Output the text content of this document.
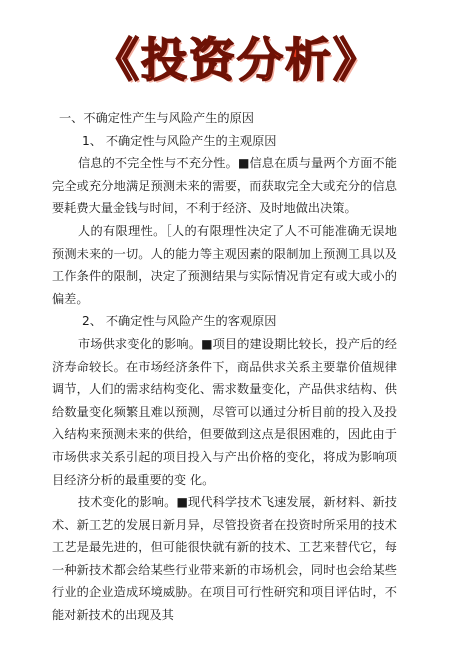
《投资分析》

一、不确定性产生与风险产生的原因

1、 不确定性与风险产生的主观原因

信息的不完全性与不充分性。■信息在质与量两个方面不能完全或充分地满足预测未来的需要，而获取完全大或充分的信息要耗费大量金钱与时间，不利于经济、及时地做出决策。

人的有限理性。［人的有限理性决定了人不可能准确无误地预测未来的一切。人的能力等主观因素的限制加上预测工具以及工作条件的限制，决定了预测结果与实际情况肯定有或大或小的偏差。

2、 不确定性与风险产生的客观原因

市场供求变化的影响。■项目的建设期比较长，投产后的经济寿命较长。在市场经济条件下，商品供求关系主要靠价值规律调节，人们的需求结构变化、需求数量变化，产品供求结构、供给数量变化频繁且难以预测，尽管可以通过分析目前的投入及投入结构来预测未来的供给，但要做到这点是很困难的，因此由于市场供求关系引起的项目投入与产出价格的变化，将成为影响项目经济分析的最重要的变 化。

技术变化的影响。■现代科学技术飞速发展，新材料、新技术、新工艺的发展日新月异，尽管投资者在投资时所采用的技术工艺是最先进的，但可能很快就有新的技术、工艺来替代它，每一种新技术都会给某些行业带来新的市场机会，同时也会给某些行业的企业造成环境威胁。在项目可行性研究和项目评估时，不能对新技术的出现及其
